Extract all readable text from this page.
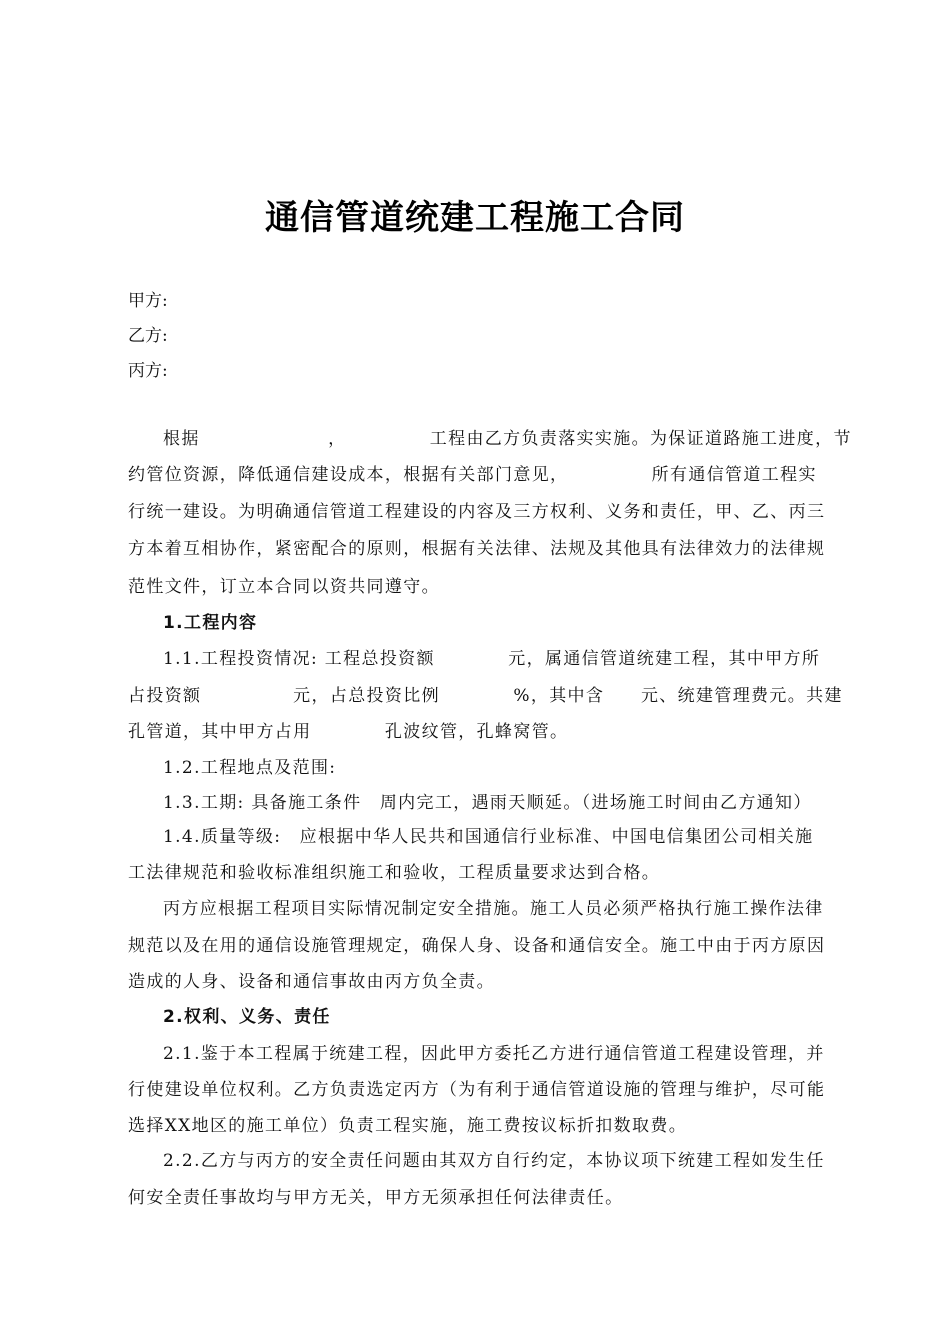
通信管道统建工程施工合同
甲方:
乙方:
丙方:
根据　　　　　　　，　　　　　工程由乙方负责落实实施。为保证道路施工进度，节
约管位资源，降低通信建设成本，根据有关部门意见，　　　　　所有通信管道工程实
行统一建设。为明确通信管道工程建设的内容及三方权利、义务和责任，甲、乙、丙三
方本着互相协作，紧密配合的原则，根据有关法律、法规及其他具有法律效力的法律规
范性文件，订立本合同以资共同遵守。
1.工程内容
1.1.工程投资情况: 工程总投资额　　　　元，属通信管道统建工程，其中甲方所
占投资额　　　　　元，占总投资比例　　　　%，其中含　　元、统建管理费元。共建
孔管道，其中甲方占用　　　　孔波纹管，孔蜂窝管。
1.2.工程地点及范围:
1.3.工期: 具备施工条件　周内完工，遇雨天顺延。（进场施工时间由乙方通知）
1.4.质量等级:　应根据中华人民共和国通信行业标准、中国电信集团公司相关施
工法律规范和验收标准组织施工和验收，工程质量要求达到合格。
丙方应根据工程项目实际情况制定安全措施。施工人员必须严格执行施工操作法律
规范以及在用的通信设施管理规定，确保人身、设备和通信安全。施工中由于丙方原因
造成的人身、设备和通信事故由丙方负全责。
2.权利、义务、责任
2.1.鉴于本工程属于统建工程，因此甲方委托乙方进行通信管道工程建设管理，并
行使建设单位权利。乙方负责选定丙方（为有利于通信管道设施的管理与维护，尽可能
选择XX地区的施工单位）负责工程实施，施工费按议标折扣数取费。
2.2.乙方与丙方的安全责任问题由其双方自行约定，本协议项下统建工程如发生任
何安全责任事故均与甲方无关，甲方无须承担任何法律责任。
